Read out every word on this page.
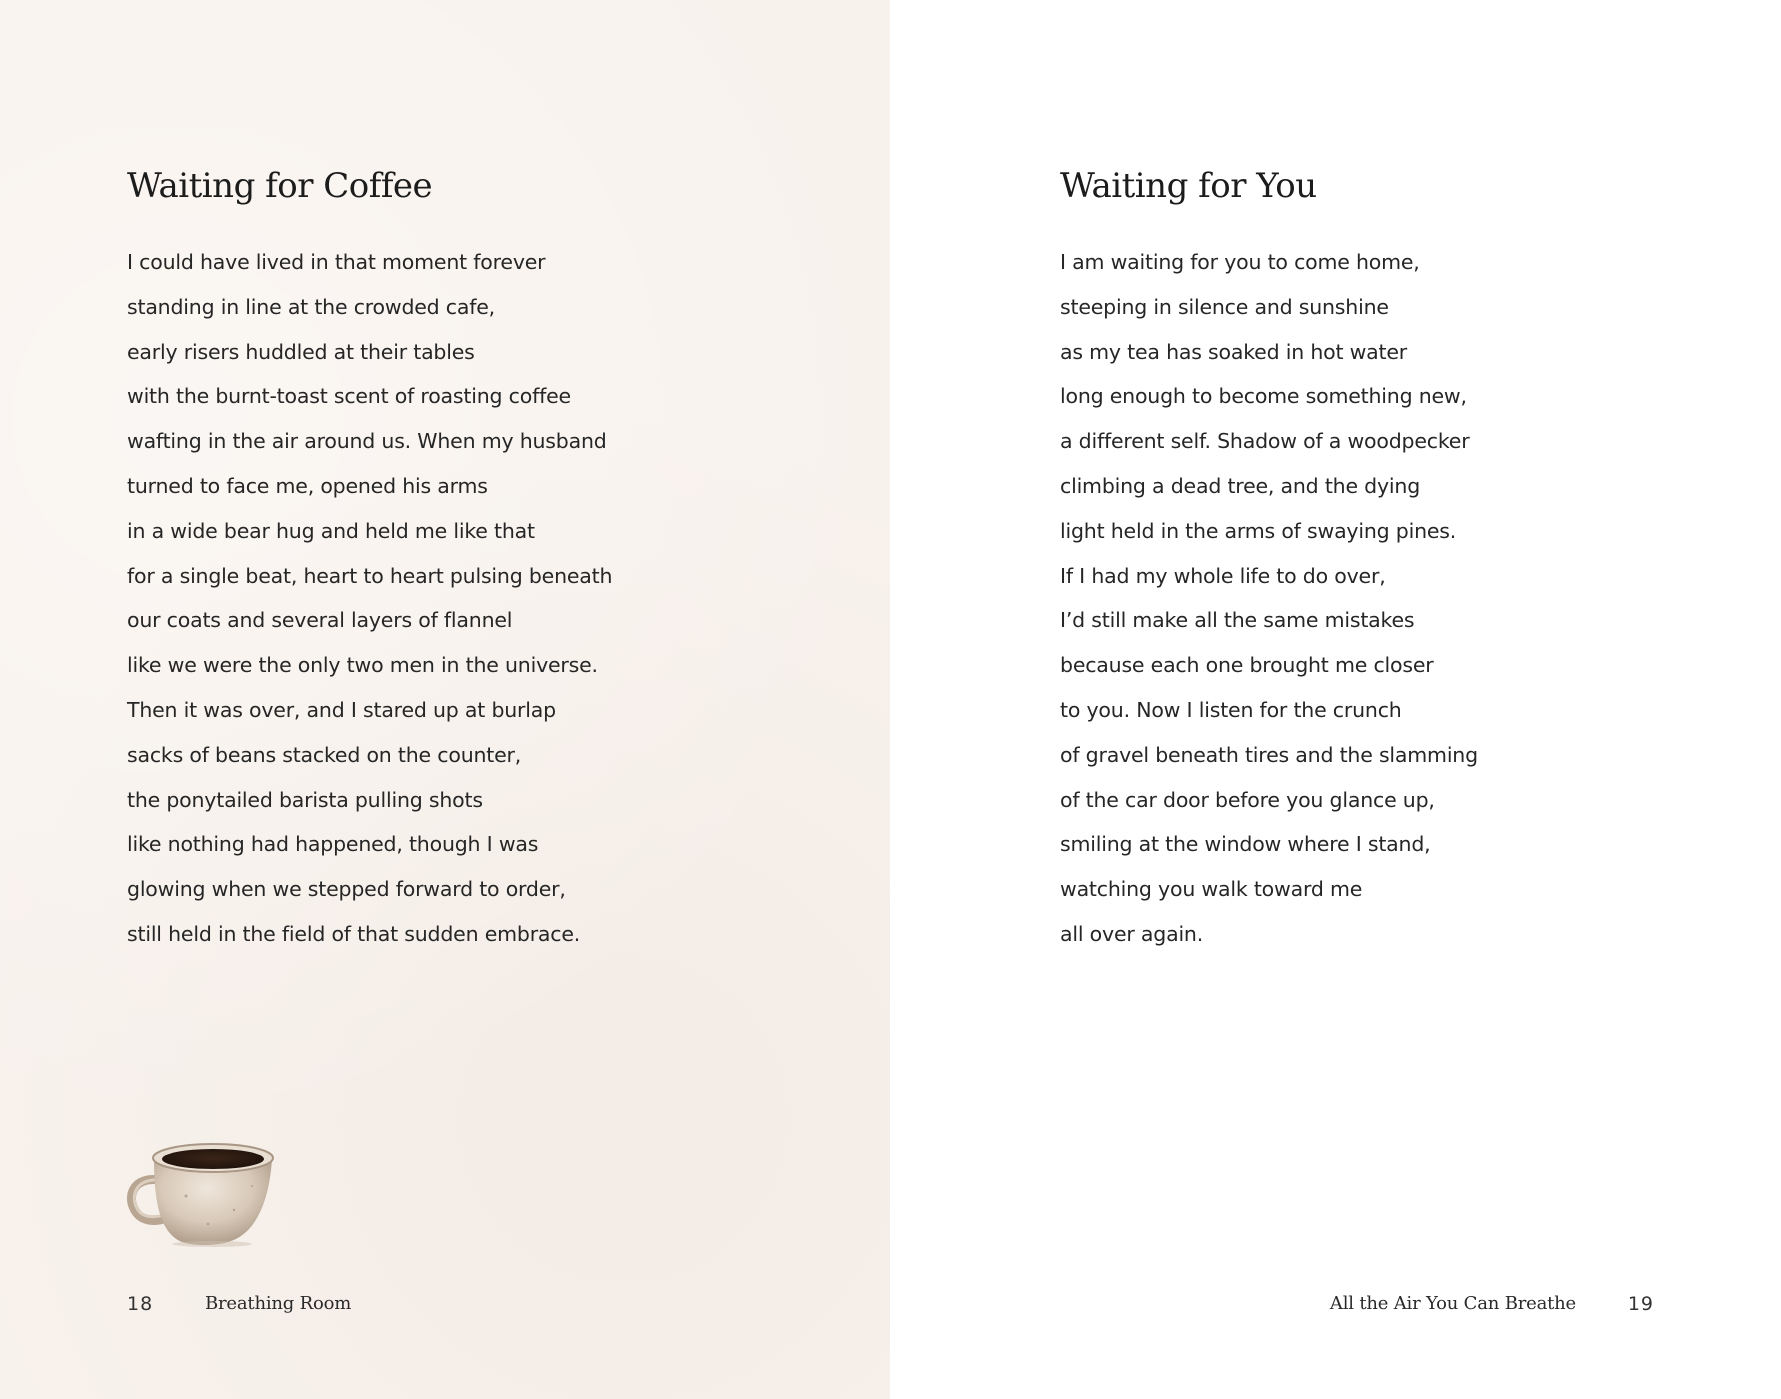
Waiting for Coffee
I could have lived in that moment forever
standing in line at the crowded cafe,
early risers huddled at their tables
with the burnt-toast scent of roasting coffee
wafting in the air around us. When my husband
turned to face me, opened his arms
in a wide bear hug and held me like that
for a single beat, heart to heart pulsing beneath
our coats and several layers of flannel
like we were the only two men in the universe.
Then it was over, and I stared up at burlap
sacks of beans stacked on the counter,
the ponytailed barista pulling shots
like nothing had happened, though I was
glowing when we stepped forward to order,
still held in the field of that sudden embrace.
18	Breathing Room
Waiting for You
I am waiting for you to come home,
steeping in silence and sunshine
as my tea has soaked in hot water
long enough to become something new,
a different self. Shadow of a woodpecker
climbing a dead tree, and the dying
light held in the arms of swaying pines.
If I had my whole life to do over,
I’d still make all the same mistakes
because each one brought me closer
to you. Now I listen for the crunch
of gravel beneath tires and the slamming
of the car door before you glance up,
smiling at the window where I stand,
watching you walk toward me
all over again.
All the Air You Can Breathe	19
